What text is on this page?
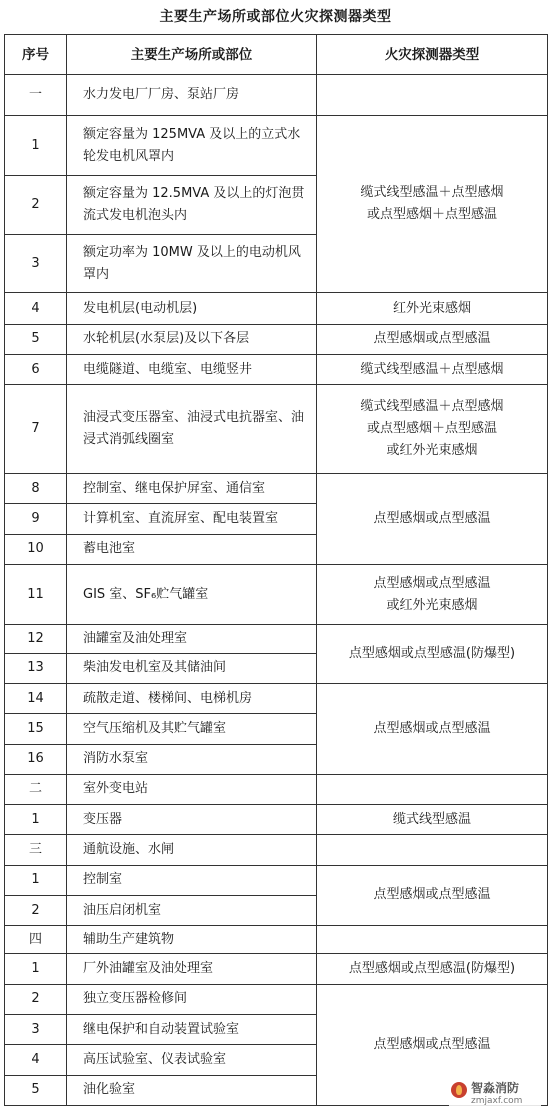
主要生产场所或部位火灾探测器类型
序号	主要生产场所或部位	火灾探测器类型
一	水力发电厂厂房、泵站厂房	
1	额定容量为 125MVA 及以上的立式水轮发电机风罩内	缆式线型感温＋点型感烟
或点型感烟＋点型感温

2	额定容量为 12.5MVA 及以上的灯泡贯流式发电机泡头内	
3	额定功率为 10MW 及以上的电动机风罩内	
4	发电机层(电动机层)	红外光束感烟
5	水轮机层(水泵层)及以下各层	点型感烟或点型感温
6	电缆隧道、电缆室、电缆竖井	缆式线型感温＋点型感烟
7	油浸式变压器室、油浸式电抗器室、油浸式消弧线圈室	缆式线型感温＋点型感烟
或点型感烟＋点型感温
或红外光束感烟

8	控制室、继电保护屏室、通信室	点型感烟或点型感温
9	计算机室、直流屏室、配电装置室	
10	蓄电池室	
11	GIS 室、SF₆贮气罐室	点型感烟或点型感温
或红外光束感烟

12	油罐室及油处理室	点型感烟或点型感温(防爆型)
13	柴油发电机室及其储油间	
14	疏散走道、楼梯间、电梯机房	点型感烟或点型感温
15	空气压缩机及其贮气罐室	
16	消防水泵室	
二	室外变电站	
1	变压器	缆式线型感温
三	通航设施、水闸	
1	控制室	点型感烟或点型感温
2	油压启闭机室	
四	辅助生产建筑物	
1	厂外油罐室及油处理室	点型感烟或点型感温(防爆型)
2	独立变压器检修间	点型感烟或点型感温
3	继电保护和自动装置试验室	
4	高压试验室、仪表试验室	
5	油化验室		智淼消防
zmjaxf.com
